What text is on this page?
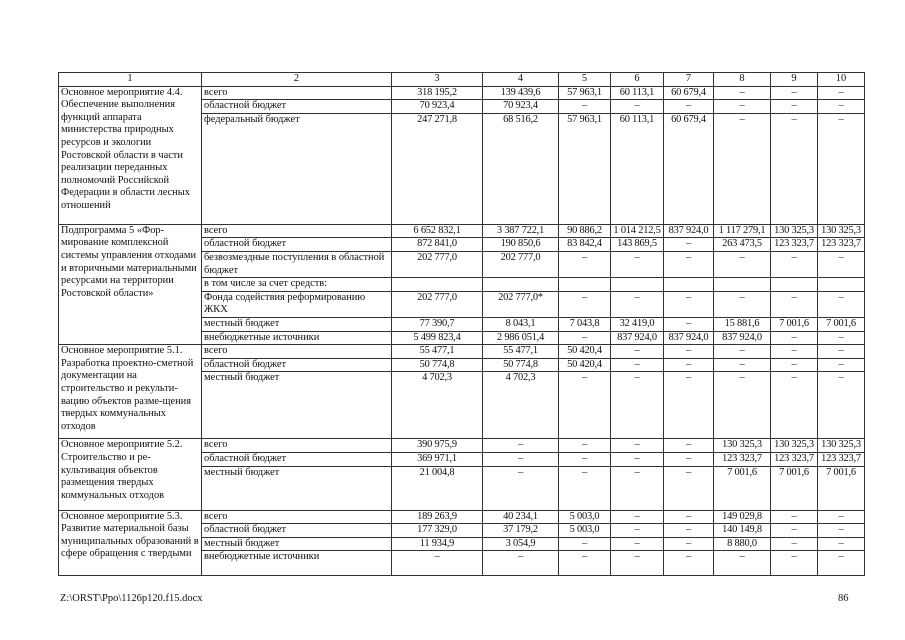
1	2	3	4	5	6	7	8	9	10
Основное мероприятие 4.4. Обеспечение выполнения функций аппарата министерства природных ресурсов и экологии Ростовской области в части реализации переданных полномочий Российской Федерации в области лесных отношений	всего	318 195,2	139 439,6	57 963,1	60 113,1	60 679,4	–	–	–
	областной бюджет	70 923,4	70 923,4	–	–	–	–	–	–
	федеральный бюджет	247 271,8	68 516,2	57 963,1	60 113,1	60 679,4	–	–	–
Подпрограмма 5 «Фор-мирование комплексной системы управления отходами и вторичными материальными ресурсами на территории Ростовской области»	всего	6 652 832,1	3 387 722,1	90 886,2	1 014 212,5	837 924,0	1 117 279,1	130 325,3	130 325,3
	областной бюджет	872 841,0	190 850,6	83 842,4	143 869,5	–	263 473,5	123 323,7	123 323,7
	безвозмездные поступления в областной бюджет	202 777,0	202 777,0	–	–	–	–	–	–
	в том числе за счет средств:								
	Фонда содействия реформированию ЖКХ	202 777,0	202 777,0*	–	–	–	–	–	–
	местный бюджет	77 390,7	8 043,1	7 043,8	32 419,0	–	15 881,6	7 001,6	7 001,6
	внебюджетные источники	5 499 823,4	2 986 051,4	–	837 924,0	837 924,0	837 924,0	–	–
Основное мероприятие 5.1. Разработка проектно-сметной документации на строительство и рекульти-вацию объектов разме-щения твердых коммунальных отходов	всего	55 477,1	55 477,1	50 420,4	–	–	–	–	–
	областной бюджет	50 774,8	50 774,8	50 420,4	–	–	–	–	–
	местный бюджет	4 702,3	4 702,3	–	–	–	–	–	–
Основное мероприятие 5.2. Строительство и ре-культивация объектов размещения твердых коммунальных отходов	всего	390 975,9	–	–	–	–	130 325,3	130 325,3	130 325,3
	областной бюджет	369 971,1	–	–	–	–	123 323,7	123 323,7	123 323,7
	местный бюджет	21 004,8	–	–	–	–	7 001,6	7 001,6	7 001,6
Основное мероприятие 5.3. Развитие материальной базы муниципальных образований в сфере обращения с твердыми	всего	189 263,9	40 234,1	5 003,0	–	–	149 029,8	–	–
	областной бюджет	177 329,0	37 179,2	5 003,0	–	–	140 149,8	–	–
	местный бюджет	11 934,9	3 054,9	–	–	–	8 880,0	–	–
	внебюджетные источники	–	–	–	–	–	–	–	–
Z:\ORST\Ppo\1126p120.f15.docx	86
